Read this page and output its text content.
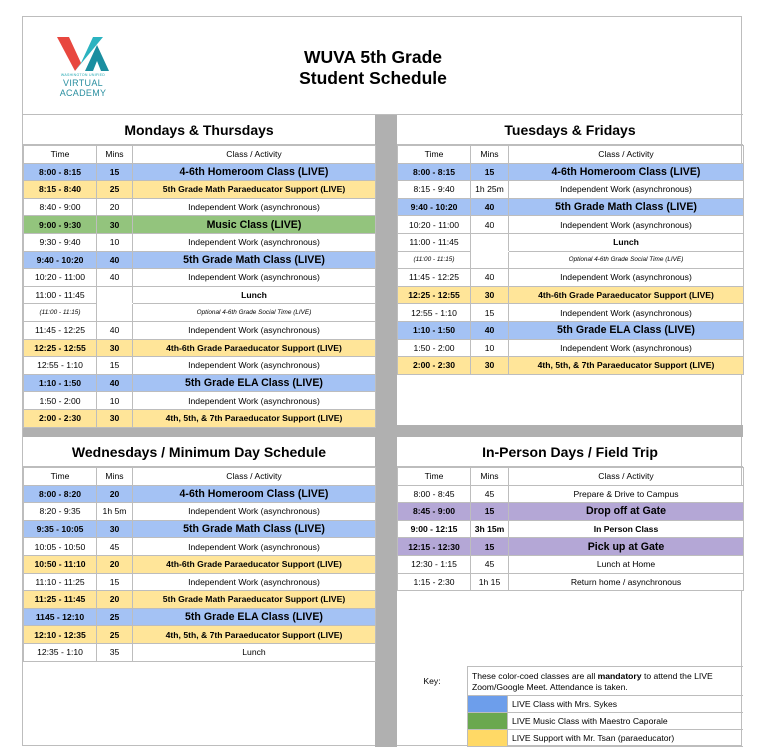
WASHINGTON UNIFIED
VIRTUAL
ACADEMY
WUVA 5th Grade
Student Schedule
Mondays & Thursdays	Tuesdays & Fridays
Wednesdays / Minimum Day Schedule	In-Person Days / Field Trip
Time	Mins	Class / Activity
8:00 - 8:15	15	4-6th Homeroom Class (LIVE)
8:15 - 8:40	25	5th Grade Math Paraeducator Support (LIVE)
8:40 - 9:00	20	Independent Work (asynchronous)
9:00 - 9:30	30	Music Class (LIVE)
9:30 - 9:40	10	Independent Work (asynchronous)
9:40 - 10:20	40	5th Grade Math Class (LIVE)
10:20 - 11:00	40	Independent Work (asynchronous)
11:00 - 11:45		Lunch
(11:00 - 11:15)		Optional 4-6th Grade Social Time (LIVE)
11:45 - 12:25	40	Independent Work (asynchronous)
12:25 - 12:55	30	4th-6th Grade Paraeducator Support (LIVE)
12:55 - 1:10	15	Independent Work (asynchronous)
1:10 - 1:50	40	5th Grade ELA Class (LIVE)
1:50 - 2:00	10	Independent Work (asynchronous)
2:00 - 2:30	30	4th, 5th, & 7th Paraeducator Support (LIVE)
Time	Mins	Class / Activity
8:00 - 8:15	15	4-6th Homeroom Class (LIVE)
8:15 - 9:40	1h 25m	Independent Work (asynchronous)
9:40 - 10:20	40	5th Grade Math Class (LIVE)
10:20 - 11:00	40	Independent Work (asynchronous)
11:00 - 11:45		Lunch
(11:00 - 11:15)		Optional 4-6th Grade Social Time (LIVE)
11:45 - 12:25	40	Independent Work (asynchronous)
12:25 - 12:55	30	4th-6th Grade Paraeducator Support (LIVE)
12:55 - 1:10	15	Independent Work (asynchronous)
1:10 - 1:50	40	5th Grade ELA Class (LIVE)
1:50 - 2:00	10	Independent Work (asynchronous)
2:00 - 2:30	30	4th, 5th, & 7th Paraeducator Support (LIVE)
Time	Mins	Class / Activity
8:00 - 8:20	20	4-6th Homeroom Class (LIVE)
8:20 - 9:35	1h 5m	Independent Work (asynchronous)
9:35 - 10:05	30	5th Grade Math Class (LIVE)
10:05 - 10:50	45	Independent Work (asynchronous)
10:50 - 11:10	20	4th-6th Grade Paraeducator Support (LIVE)
11:10 - 11:25	15	Independent Work (asynchronous)
11:25 - 11:45	20	5th Grade Math Paraeducator Support (LIVE)
1145 - 12:10	25	5th Grade ELA Class (LIVE)
12:10 - 12:35	25	4th, 5th, & 7th Paraeducator Support (LIVE)
12:35 - 1:10	35	Lunch
Time	Mins	Class / Activity
8:00 - 8:45	45	Prepare & Drive to Campus
8:45 - 9:00	15	Drop off at Gate
9:00 - 12:15	3h 15m	In Person Class
12:15 - 12:30	15	Pick up at Gate
12:30 - 1:15	45	Lunch at Home
1:15 - 2:30	1h 15	Return home / asynchronous
Key:	These color-coed classes are all mandatory to attend the LIVE Zoom/Google Meet. Attendance is taken.
LIVE Class with Mrs. Sykes
LIVE Music Class with Maestro Caporale
LIVE Support with Mr. Tsan (paraeducator)
